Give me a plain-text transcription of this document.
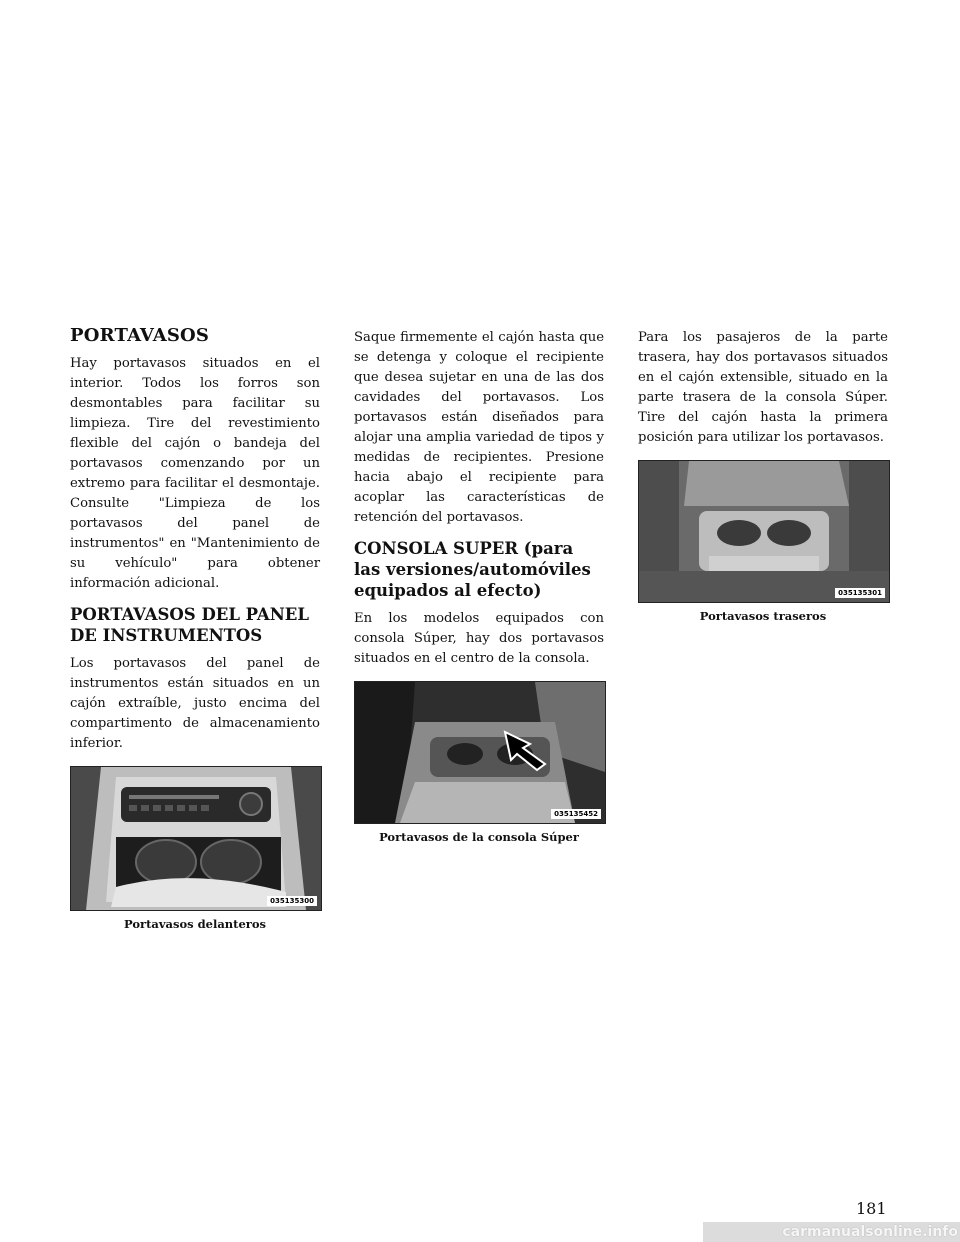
PORTAVASOS

Hay portavasos situados en el interior. Todos los forros son desmontables para facilitar su limpieza. Tire del revestimiento flexible del cajón o bandeja del portavasos comenzando por un extremo para facilitar el desmontaje. Consulte "Limpieza de los portavasos del panel de instrumentos" en "Mantenimiento de su vehículo" para obtener información adicional.

PORTAVASOS DEL PANEL DE INSTRUMENTOS

Los portavasos del panel de instrumentos están situados en un cajón extraíble, justo encima del compartimento de almacenamiento inferior.

035135300
Portavasos delanteros

Saque firmemente el cajón hasta que se detenga y coloque el recipiente que desea sujetar en una de las dos cavidades del portavasos. Los portavasos están diseñados para alojar una amplia variedad de tipos y medidas de recipientes. Presione hacia abajo el recipiente para acoplar las características de retención del portavasos.

CONSOLA SUPER (para las versiones/automóviles equipados al efecto)

En los modelos equipados con consola Súper, hay dos portavasos situados en el centro de la consola.

035135452
Portavasos de la consola Súper

Para los pasajeros de la parte trasera, hay dos portavasos situados en el cajón extensible, situado en la parte trasera de la consola Súper. Tire del cajón hasta la primera posición para utilizar los portavasos.

035135301
Portavasos traseros
181
carmanualsonline.info
